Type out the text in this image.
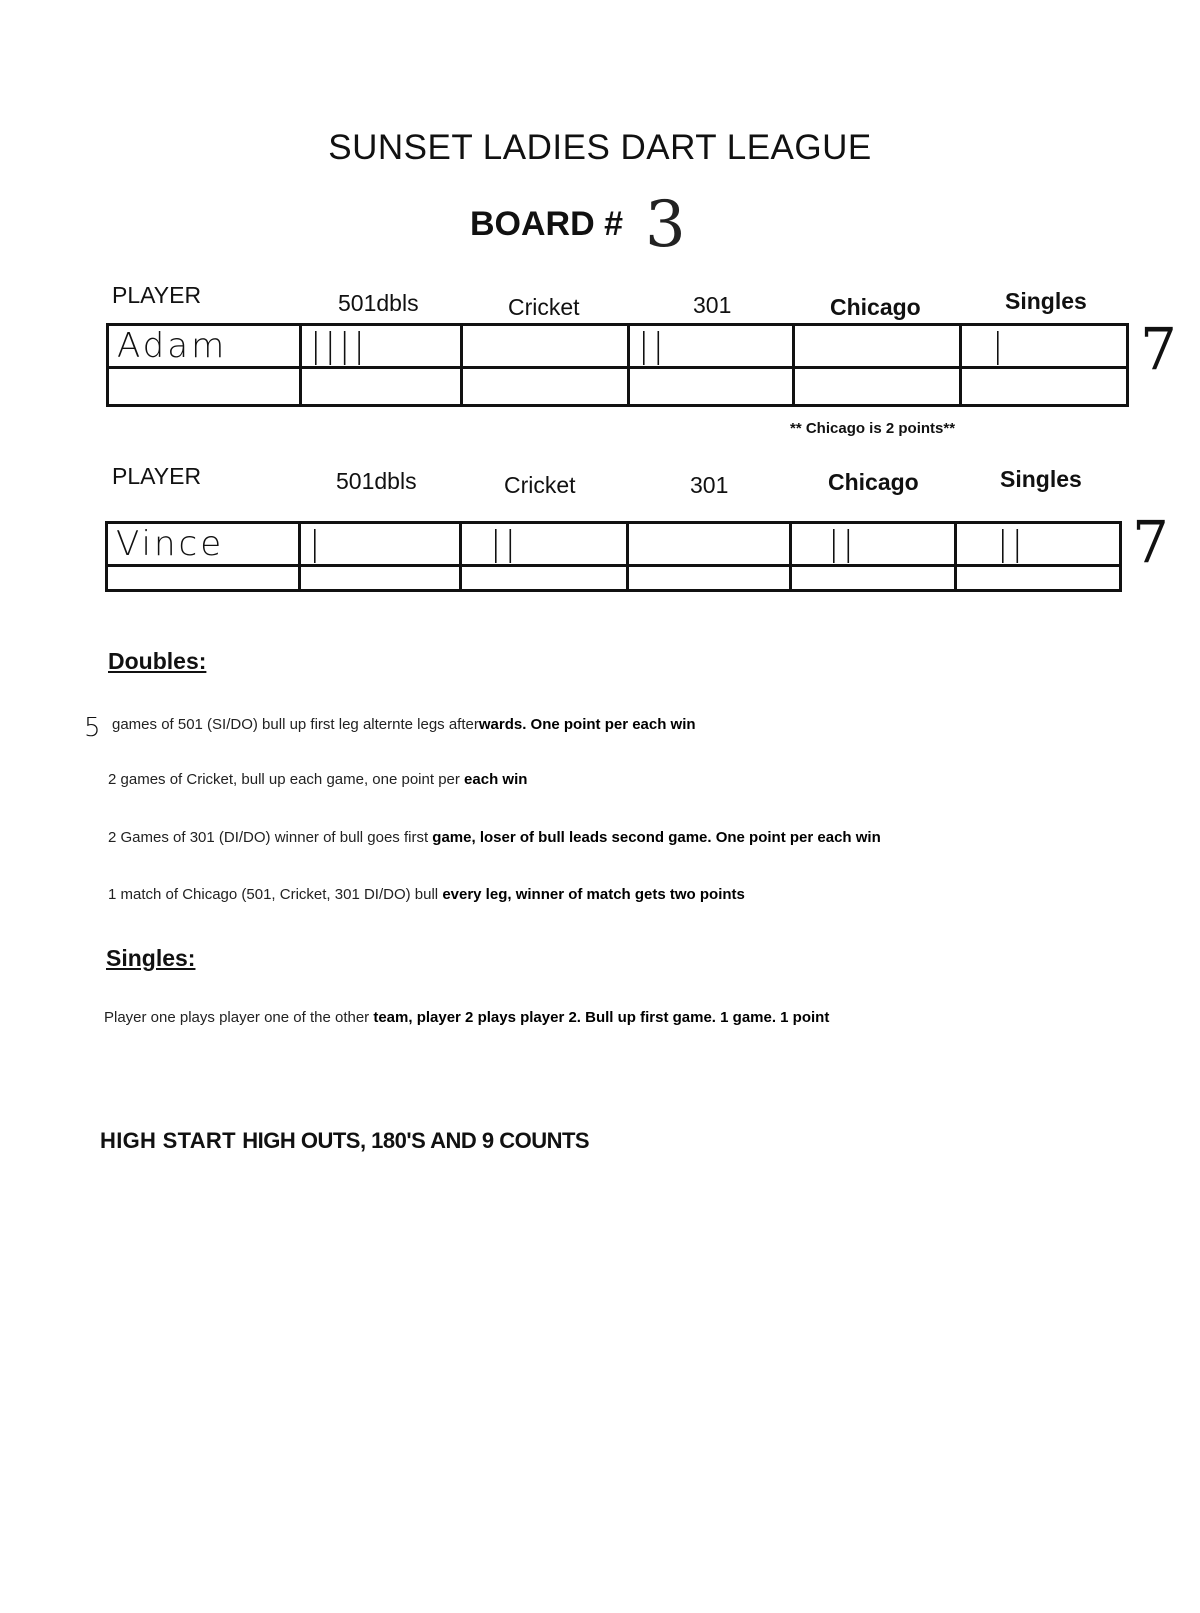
SUNSET LADIES DART LEAGUE
BOARD # 3
PLAYER	501dbls	Cricket	301	Chicago	Singles
Adam	||||		||		|
					7
** Chicago is 2 points**
PLAYER	501dbls	Cricket	301	Chicago	Singles
Vince	|	||		||	||
					7
Doubles:
5 games of 501 (SI/DO) bull up first leg alternte legs afterwards. One point per each win
2 games of Cricket, bull up each game, one point per each win
2 Games of 301 (DI/DO) winner of bull goes first game, loser of bull leads second game. One point per each win
1 match of Chicago (501, Cricket, 301 DI/DO) bull every leg, winner of match gets two points
Singles:
Player one plays player one of the other team, player 2 plays player 2. Bull up first game. 1 game. 1 point
HIGH START HIGH OUTS, 180'S AND 9 COUNTS
